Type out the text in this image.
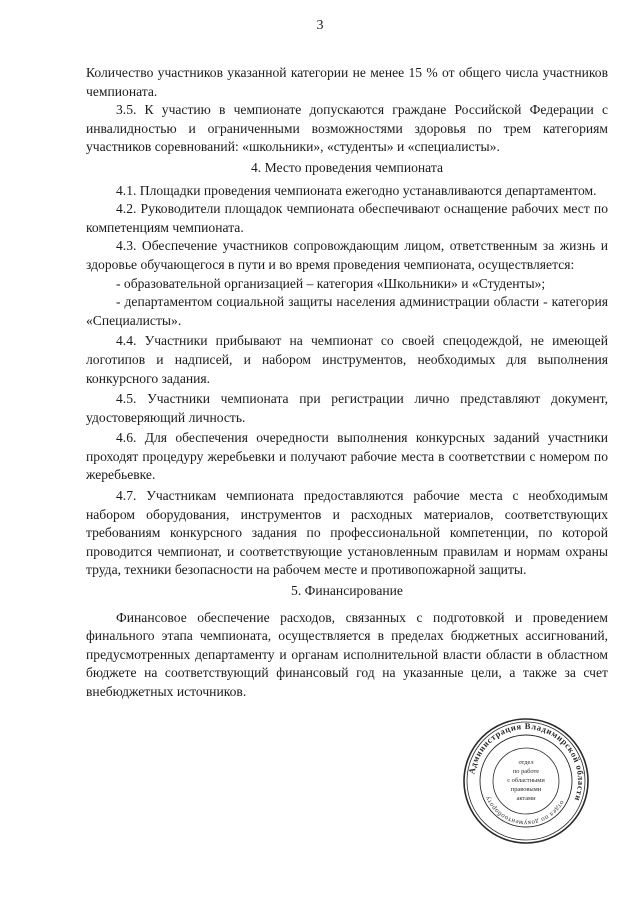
3

Количество участников указанной категории не менее 15 % от общего числа участников чемпионата.

3.5. К участию в чемпионате допускаются граждане Российской Федерации с инвалидностью и ограниченными возможностями здоровья по трем категориям участников соревнований: «школьники», «студенты» и «специалисты».

4. Место проведения чемпионата

4.1. Площадки проведения чемпионата ежегодно устанавливаются департаментом.

4.2. Руководители площадок чемпионата обеспечивают оснащение рабочих мест по компетенциям чемпионата.

4.3. Обеспечение участников сопровождающим лицом, ответственным за жизнь и здоровье обучающегося в пути и во время проведения чемпионата, осуществляется:

- образовательной организацией – категория «Школьники» и «Студенты»;

- департаментом социальной защиты населения администрации области - категория «Специалисты».

4.4. Участники прибывают на чемпионат со своей спецодеждой, не имеющей логотипов и надписей, и набором инструментов, необходимых для выполнения конкурсного задания.

4.5. Участники чемпионата при регистрации лично представляют документ, удостоверяющий личность.

4.6. Для обеспечения очередности выполнения конкурсных заданий участники проходят процедуру жеребьевки и получают рабочие места в соответствии с номером по жеребьевке.

4.7. Участникам чемпионата предоставляются рабочие места с необходимым набором оборудования, инструментов и расходных материалов, соответствующих требованиям конкурсного задания по профессиональной компетенции, по которой проводится чемпионат, и соответствующие установленным правилам и нормам охраны труда, техники безопасности на рабочем месте и противопожарной защиты.

5. Финансирование

Финансовое обеспечение расходов, связанных с подготовкой и проведением финального этапа чемпионата, осуществляется в пределах бюджетных ассигнований, предусмотренных департаменту и органам исполнительной власти области в областном бюджете на соответствующий финансовый год на указанные цели, а также за счет внебюджетных источников.

Администрация Владимирской области
отдел по документообороту
отдел
по работе
с областными
правовыми
актами
